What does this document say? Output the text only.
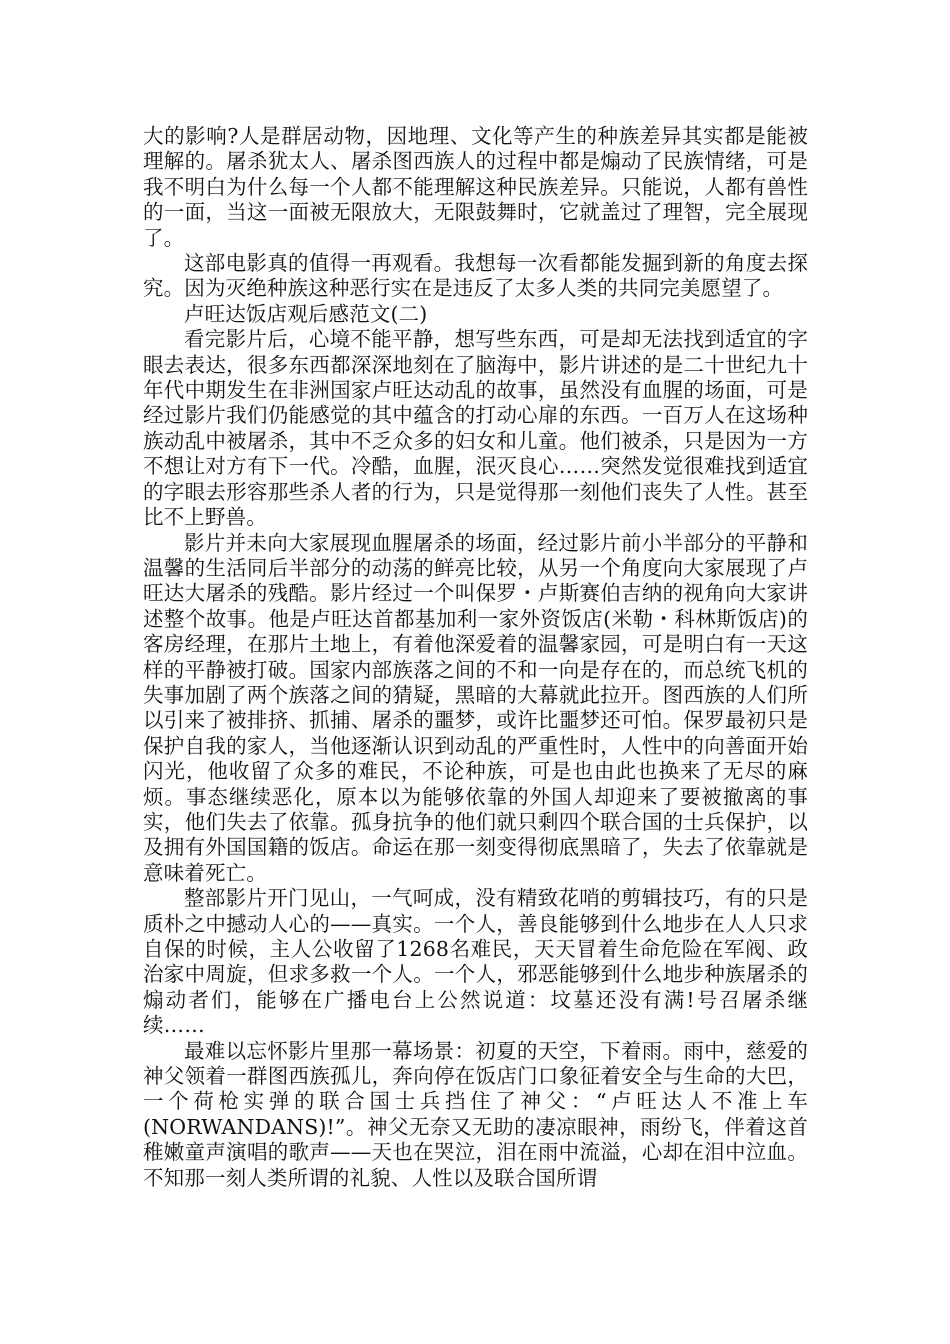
大的影响?人是群居动物，因地理、文化等产生的种族差异其实都是能被理解的。屠杀犹太人、屠杀图西族人的过程中都是煽动了民族情绪，可是我不明白为什么每一个人都不能理解这种民族差异。只能说，人都有兽性的一面，当这一面被无限放大，无限鼓舞时，它就盖过了理智，完全展现了。

这部电影真的值得一再观看。我想每一次看都能发掘到新的角度去探究。因为灭绝种族这种恶行实在是违反了太多人类的共同完美愿望了。

卢旺达饭店观后感范文(二)

看完影片后，心境不能平静，想写些东西，可是却无法找到适宜的字眼去表达，很多东西都深深地刻在了脑海中，影片讲述的是二十世纪九十年代中期发生在非洲国家卢旺达动乱的故事，虽然没有血腥的场面，可是经过影片我们仍能感觉的其中蕴含的打动心扉的东西。一百万人在这场种族动乱中被屠杀，其中不乏众多的妇女和儿童。他们被杀，只是因为一方不想让对方有下一代。冷酷，血腥，泯灭良心……突然发觉很难找到适宜的字眼去形容那些杀人者的行为，只是觉得那一刻他们丧失了人性。甚至比不上野兽。

影片并未向大家展现血腥屠杀的场面，经过影片前小半部分的平静和温馨的生活同后半部分的动荡的鲜亮比较，从另一个角度向大家展现了卢旺达大屠杀的残酷。影片经过一个叫保罗・卢斯赛伯吉纳的视角向大家讲述整个故事。他是卢旺达首都基加利一家外资饭店(米勒・科林斯饭店)的客房经理，在那片土地上，有着他深爱着的温馨家园，可是明白有一天这样的平静被打破。国家内部族落之间的不和一向是存在的，而总统飞机的失事加剧了两个族落之间的猜疑，黑暗的大幕就此拉开。图西族的人们所以引来了被排挤、抓捕、屠杀的噩梦，或许比噩梦还可怕。保罗最初只是保护自我的家人，当他逐渐认识到动乱的严重性时，人性中的向善面开始闪光，他收留了众多的难民，不论种族，可是也由此也换来了无尽的麻烦。事态继续恶化，原本以为能够依靠的外国人却迎来了要被撤离的事实，他们失去了依靠。孤身抗争的他们就只剩四个联合国的士兵保护，以及拥有外国国籍的饭店。命运在那一刻变得彻底黑暗了，失去了依靠就是意味着死亡。

整部影片开门见山，一气呵成，没有精致花哨的剪辑技巧，有的只是质朴之中撼动人心的——真实。一个人，善良能够到什么地步在人人只求自保的时候，主人公收留了1268名难民，天天冒着生命危险在军阀、政治家中周旋，但求多救一个人。一个人，邪恶能够到什么地步种族屠杀的煽动者们，能够在广播电台上公然说道：坟墓还没有满!号召屠杀继续……

最难以忘怀影片里那一幕场景：初夏的天空，下着雨。雨中，慈爱的神父领着一群图西族孤儿，奔向停在饭店门口象征着安全与生命的大巴，一个荷枪实弹的联合国士兵挡住了神父：“卢旺达人不准上车(NORWANDANS)!”。神父无奈又无助的凄凉眼神，雨纷飞，伴着这首稚嫩童声演唱的歌声——天也在哭泣，泪在雨中流溢，心却在泪中泣血。不知那一刻人类所谓的礼貌、人性以及联合国所谓
